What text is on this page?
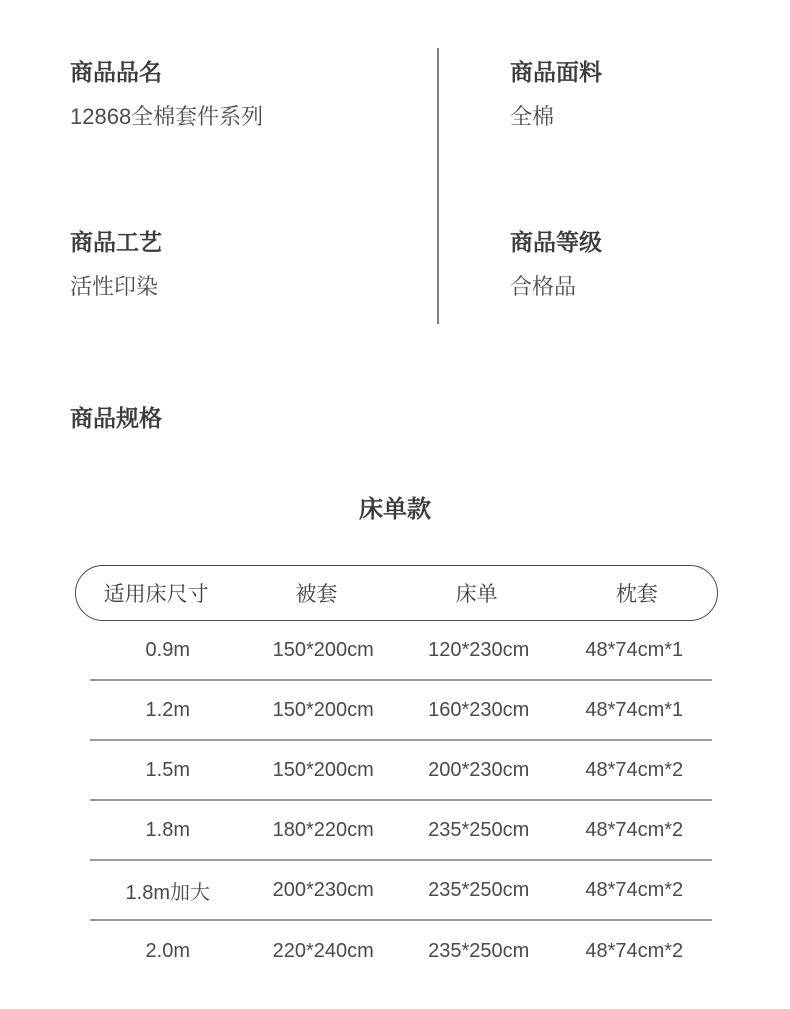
商品品名
12868全棉套件系列
商品面料
全棉
商品工艺
活性印染
商品等级
合格品
商品规格
床单款
适用床尺寸	被套	床单	枕套
0.9m	150*200cm	120*230cm	48*74cm*1
1.2m	150*200cm	160*230cm	48*74cm*1
1.5m	150*200cm	200*230cm	48*74cm*2
1.8m	180*220cm	235*250cm	48*74cm*2
1.8m加大	200*230cm	235*250cm	48*74cm*2
2.0m	220*240cm	235*250cm	48*74cm*2
